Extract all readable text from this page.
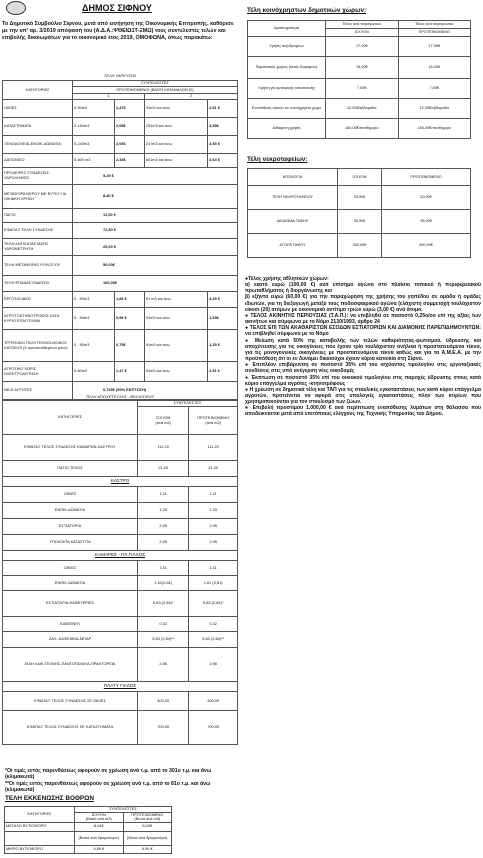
ΔΗΜΟΣ ΣΙΦΝΟΥ
Το Δημοτικό Συμβούλιο Σίφνου, μετά από εισήγηση της Οικονομικής Επιτροπής, καθόρισε με την υπ' αρ. 3/2019 απόφασή του (Α.Δ.Α.:ΨΘΕΙΩ1Τ-ΞΜΩ) τους συντελεστές τελών και επιβολής δικαιωμάτων για το οικονομικό έτος 2019, ΟΜΟΦΩΝΑ, όπως παρακάτω:
ΤΕΛΗ ΥΔΡΕΥΣΗΣ
ΚΑΤΗΓΟΡΙΕΣ	ΣΥΝΤΕΛΕΣΤΕΣ			
	ΠΡΟΤΕΙΝΟΜΕΝΟΙ (ΒΑΣΕΙ ΚΑΤΑΝΑΛΩΣΗΣ)			
	1		2	
ΟΙΚΙΕΣ	0-90m3	1,47€	91m3 και άνω	2,51 €
ΚΑΤΑΣΤΗΜΑΤΑ	0-150m3	2,08€	151m3 και άνω	3,53€
ΞΕΝΟΔΟΧΕΙΑ-ΕΝΟΙΚ.ΔΩΜΑΤΙΑ	0-240m3	2,06€	24 lm3 και άνω	3,53 €
ΔΑΠΟΝΕΙΟ	0-600 m3	2,34€	601m3 και άνω	3,64 €
ΠΡΟΧΕΙΡΕΣ ΣΥΝΔΕΣΕΙΣ-ΥΔΡΟΛΗΨΙΕΣ	5,25 €			
ΜΕΤΑΦΟΡΑ ΝΕΡΟΥ ΜΕ ΒΥΤΙΟ ΓΙΑ ΟΙΚΙΑΚΗ ΧΡΗΣΗ	8,40 €			
ΠΑΓΙΟ	11,00 €			
ΕΦΑΠΑΞ ΤΕΛΗ ΣΥΝΔΕΣΗΣ	72,90 €			
ΤΕΛΗ ΑΝΤΙΚΑΤΑΣΤΑΣΗΣ ΥΔΡΟΜΕΤΡΗΤΗ	25,00 €			
ΤΕΛΗ ΜΕΤΑΦΟΡΑΣ ΡΟΛΟΓΙΟΥ	50,00€			
ΤΕΛΗ ΕΠΑΝΑΣΥΝΔΕΣΗΣ	100,00€			
ΕΡΓΟΤΑΞΙΑΚΟ	0 - 90m3	1,86 €	91 m3 και άνω	3,29 €
ΑΓΡΟΤΟΚΤΗΝΟΤΡΟΦΟΙ ΚΑΤΑ ΚΥΡΙΟ ΕΠΑΓΓΕΛΜΑ	0 - 90m3	0,96 €	91m3 και άνω	1,63€
ΤΡΙΤΕΚΝΟΙ-ΠΟΛΥΤΕΚΝΟΙ-ΜΟΝΙΟΙ ΚΑΤΟΙΚΟΙ (3 προϋποτίθεμένοι μόνο)	0 - 90m3	0,75€	91m3 και άνω	1,25 €
ΑΓΡΟΤΙΚΟ ΧΩΡΙΣ ΗΛΕΚΤΡΟΔΟΤΗΣΗ	0-80m3	1,47 €	81m3 και άνω	2,51 €
ΝΕΟΙ ΑΓΡΟΤΕΣ	0,735€ (50% ΕΚΠΤΩΣΗ)			
ΤΕΛΗ ΑΠΟΧΕΤΕΥΣΗΣ - ΒΙΟΛΟΓΙΚΟΥ
ΚΑΤΗΓΟΡΙΕΣ	ΣΥΝΤΕΛΕΣΤΕΣ	
	ΙΣΧΥΟΝ
(ανά m2)	ΠΡΟΤΕΙΝΟΜΕΝΟ
(ανά m2)
ΕΦΑΠΑΞ ΤΕΛΟΣ ΣΥΝΔΕΣΗΣ ΚΑΜΑΡΩΝ-ΚΑΣΤΡΟΥ	111,20	111,20
ΠΑΓΙΟ ΤΕΛΟΣ	21,00	21,00
ΚΑΣΤΡΟ		
ΟΙΚΙΕΣ	1,11	1,11
ΕΝΟΙΚ.ΔΩΜΑΤΙΑ	1,33	1,33
ΕΣΤΙΑΤΟΡΙΑ	2,95	2,95
ΥΠΟΛΟΙΠΑ ΚΑΤΑΣΤ/ΤΑ	2,95	2,95
ΚΑΜΑΡΕΣ - ΠΛ.ΓΙΑΛΟΣ		
ΟΙΚΙΕΣ	1,11	1,11
ΕΝΟΙΚ.ΔΩΜΑΤΙΑ	1,61(0,81)	1,61 (0,81)
ΕΣΤΙΑΤΟΡΙΑ-ΚΑΦΕΤΕΡΙΕΣ	5,83 (2,84)*	5,83 (2,84)*
ΚΑΜΠΙΝΓΚ	0,42	0,42
ΖΑΧ.-ΚΑΦΕΝΕΙΑ-ΜΠΑΡ	5,83 (2,84)**	5,83 (2,84)**
ΕΙΔΗ ΛΑΙΚ.ΤΕΧΝΗΣ-ΠΑΝΤΟΠΩΛΕΙΑ-ΠΡΑΚΤΟΡΕΙΑ	2,56	2,56
ΠΛΑΤΥ ΓΙΑΛΟΣ		
ΕΦΑΠΑΞ ΤΕΛΟΣ ΣΥΝΔΕΣΗΣ ΣΕ ΟΙΚΙΕΣ	400,00	400,00
ΕΦΑΠΑΞ ΤΕΛΟΣ ΣΥΝΔΕΣΗΣ ΣΕ ΚΑΤΑΣΤΗΜΑΤΑ	700,00	700,00
*Οι τιμές εντός παρενθέσεως αφορούν σε χρέωση ανά τ.μ. από το 301ο τ.μ. και άνω (κλιμακωτά)
**Οι τιμές εντός παρενθέσεως αφορούν σε χρέωση ανά τ.μ. από το 81ο τ.μ. και άνω (κλιμακωτά)
ΤΕΛΗ ΕΚΚΕΝΩΣΗΣ ΒΟΘΡΩΝ
ΚΑΤΗΓΟΡΙΕΣ	ΣΥΝΤΕΛΕΣΤΕΣ	
	ΙΣΧΥΟΝ
(Βυτιό ανά m3)	ΠΡΟΤΕΙΝΟΜΕΝΟ
(Βυτιό ανά m3)
ΜΕΓΑΛΟ ΒΥΤΙΟΦΟΡΟ	8,04€	8,04€
	(Βυτιό ανά δρομολόγιο)	(Βυτιό ανά δρομολόγιο)
ΜΙΚΡΟ ΒΥΤΙΟΦΟΡΟ	9,59 €	9,59 €
Τέλη κοινόχρηστων δημοτικών χώρων:
Δραστηριότητα	Τέλος ανά τετραγωνικό	Τέλος ανά τετραγωνικό
	ΙΣΧΥΟΝ	ΠΡΟΤΕΙΝΟΜΕΝΟ
Χρήση πεζοδρομίων	17,00€	17,00€
Παραλιακός χώρος (εκτός Καμαρών)	15,00€	15,00€
Χρήση για εμπορικής κατασκευής	7,00€	7,00€
Εναπόθεση υλικών σε κοινόχρηστο χώρο	12,00€/εβδομάδα	12,00€/εβδομάδα
Αιθαίρετη χρήση	150,00€/πενθήμερο	150,00€/πενθήμερο
Τέλη νεκροταφείων:
ΑΠΟΛΟΓΙΑ	ΙΣΧΥΟΝ	ΠΡΟΤΕΙΝΟΜΕΝΟ
ΤΕΛΗ ΝΕΚΡΟΤΑΦΕΙΟΥ	20,00€	20,00€
ΔΙΚΑΙΩΜΑ ΤΑΦΗΣ	35,00€	35,00€
ΑΓΟΡΑ ΤΑΦΟΥ	300,00€	300,00€
●Τέλος χρήσης αθλητικών χώρων:
α) εκατό ευρώ (100,00 €) ανά επίσημο αγώνα στο πλαίσιο τοπικού ή περιφερειακού πρωταθλήματος ή διοργάνωσης και
β) εξήντα ευρώ (60,00 €) για την παραχώρηση της χρήσης του γηπέδου σε ομάδα ή ομάδες ιδιωτών, για τη διεξαγωγή μεταξύ τους ποδοσφαιρικού αγώνα (ελάχιστη συμμετοχή τουλάχιστον είκοσι (20) ατόμων με οικονομικό αντίτιμο τριών ευρώ (3,00 €) ανά άτομο.
● ΤΕΛΟΣ ΑΚΙΝΗΤΗΣ ΠΕΡΙΟΥΣΙΑΣ (Τ.Α.Π.): να επιβληθεί σε ποσοστό 0,25ο/οο επί της αξίας των ακινήτων και σύμφωνα με το Νόμο 2130/1993, άρθρο 24
● ΤΕΛΟΣ ΕΠΙ ΤΩΝ ΑΚΑΘΑΡΙΣΤΩΝ ΕΣΟΔΩΝ ΕΣΤΙΑΤΟΡΙΩΝ ΚΑΙ ΔΙΑΜΟΝΗΣ ΠΑΡΕΠΙΔΗΜΟΥΝΤΩΝ: να επιβληθεί σύμφωνα με το Νόμο
● Μείωση κατά 50% της καταβολής των τελών καθαριότητας-φωτισμού, ύδρευσης και αποχέτευσης για τις οικογένειες που έχουν τρία τουλάχιστον ανήλικα ή προστατευόμενα τέκνα, για τις μονογονεικές οικογένειες με προστατευόμενα τέκνα καθώς και για τα Α.Μ.Ε.Α, με την προϋπόθεση ότι οι εν δυνάμει δικαιούχοι έχουν κύρια κατοικία στη Σίφνο.
● Επιπλέον επιβάρυνση σε ποσοστό 35% επί του ισχύοντος τιμολογίου στις εργοταξιακές συνδέσεις στις υπό ανέγερση νέες οικοδομές
● Έκπτωση σε ποσοστό 35% επί του οικιακού τιμολογίου στις παροχές ύδρευσης στους κατά κύριο επάγγελμα αγρότες -κτηνοτρόφους
● Η χρέωση σε δημοτικά τέλη και ΤΑΠ για τις σταυλικές εγκαταστάσεις των κατά κύριο επάγγελμα αγροτών, προτείνεται να αφορά στις υπολογιές εγκαταστάσεις πλην των κτιρίων που χρησιμοποιούνται για τον σταυλισμό των ζώων.
● Επιβολή προστίμου 1.000,00 € ανά περίπτωση εναπόθεσης λυμάτων στη θάλασσα που αποδεικνύεται μετά από επιτόπιους ελέγχους της Τεχνικής Υπηρεσίας του Δήμου.
